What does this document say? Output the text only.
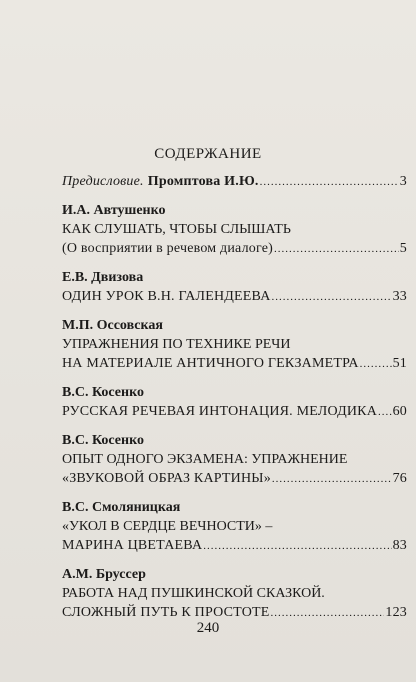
СОДЕРЖАНИЕ
Предисловие. Промптова И.Ю. .....	3
И.А. Автушенко
КАК СЛУШАТЬ, ЧТОБЫ СЛЫШАТЬ
(О восприятии в речевом диалоге) .....	5
Е.В. Двизова
ОДИН УРОК В.Н. ГАЛЕНДЕЕВА .....	33
М.П. Оссовская
УПРАЖНЕНИЯ ПО ТЕХНИКЕ РЕЧИ
НА МАТЕРИАЛЕ АНТИЧНОГО ГЕКЗАМЕТРА ..... 51
В.С. Косенко
РУССКАЯ РЕЧЕВАЯ ИНТОНАЦИЯ. МЕЛОДИКА ..... 60
В.С. Косенко
ОПЫТ ОДНОГО ЭКЗАМЕНА: УПРАЖНЕНИЕ
«ЗВУКОВОЙ ОБРАЗ КАРТИНЫ» .....	76
В.С. Смоляницкая
«УКОЛ В СЕРДЦЕ ВЕЧНОСТИ» –
МАРИНА ЦВЕТАЕВА .....	83
А.М. Бруссер
РАБОТА НАД ПУШКИНСКОЙ СКАЗКОЙ.
СЛОЖНЫЙ ПУТЬ К ПРОСТОТЕ .....	123
240
